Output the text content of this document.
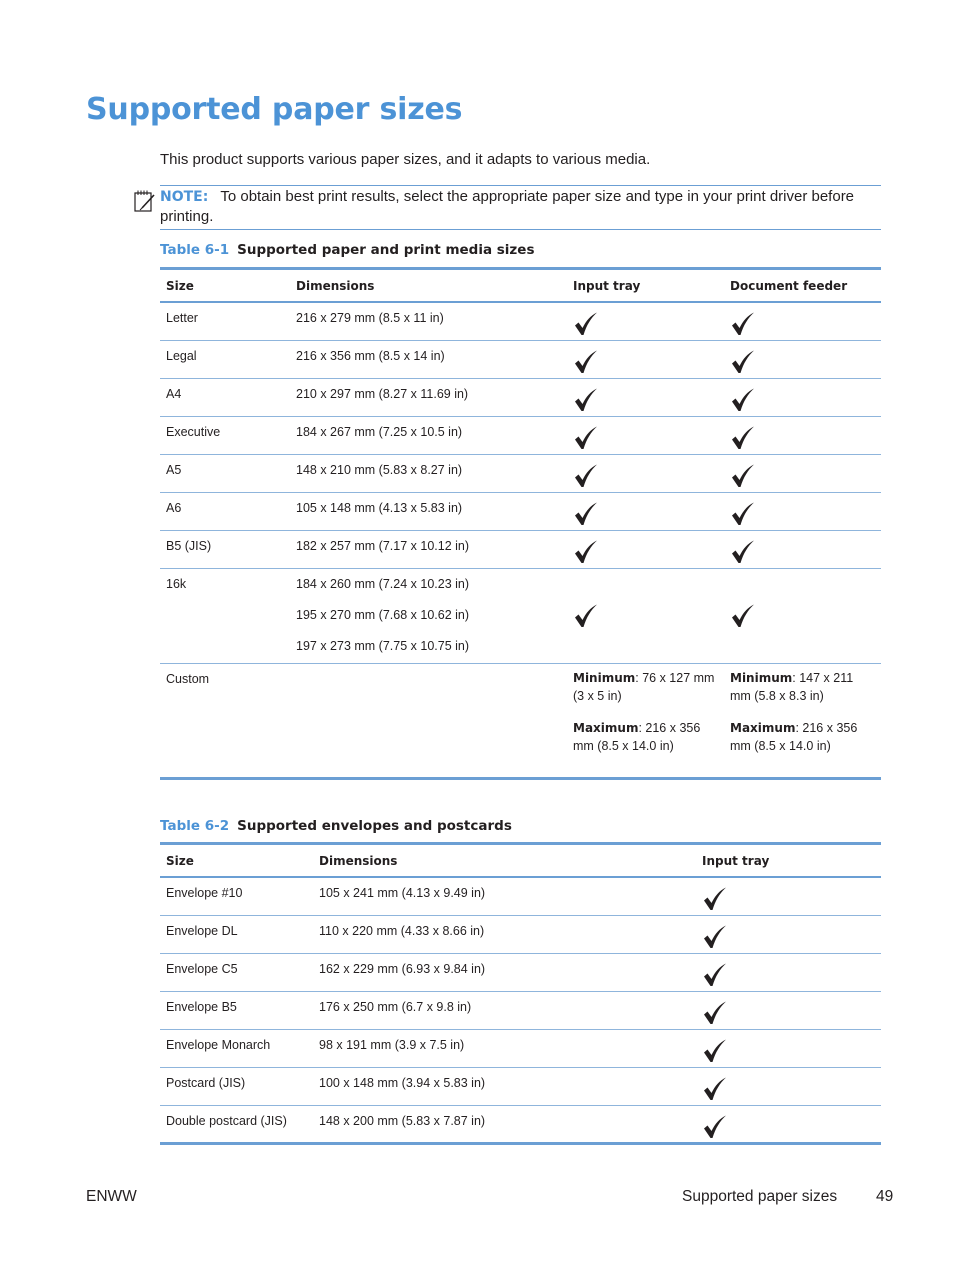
Supported paper sizes

This product supports various paper sizes, and it adapts to various media.

NOTE: To obtain best print results, select the appropriate paper size and type in your print driver before printing.
Table 6-1 Supported paper and print media sizes
Size	Dimensions	Input tray	Document feeder

Letter	216 x 279 mm (8.5 x 11 in)

Legal	216 x 356 mm (8.5 x 14 in)

A4	210 x 297 mm (8.27 x 11.69 in)

Executive	184 x 267 mm (7.25 x 10.5 in)

A5	148 x 210 mm (5.83 x 8.27 in)

A6	105 x 148 mm (4.13 x 5.83 in)

B5 (JIS)	182 x 257 mm (7.17 x 10.12 in)

16k	184 x 260 mm (7.24 x 10.23 in)
195 x 270 mm (7.68 x 10.62 in)
197 x 273 mm (7.75 x 10.75 in)

Custom		Minimum: 76 x 127 mm (3 x 5 in)
Maximum: 216 x 356 mm (8.5 x 14.0 in)	Minimum: 147 x 211 mm (5.8 x 8.3 in)
Maximum: 216 x 356 mm (8.5 x 14.0 in)
Table 6-2 Supported envelopes and postcards
Size	Dimensions	Input tray

Envelope #10	105 x 241 mm (4.13 x 9.49 in)

Envelope DL	110 x 220 mm (4.33 x 8.66 in)

Envelope C5	162 x 229 mm (6.93 x 9.84 in)

Envelope B5	176 x 250 mm (6.7 x 9.8 in)

Envelope Monarch	98 x 191 mm (3.9 x 7.5 in)

Postcard (JIS)	100 x 148 mm (3.94 x 5.83 in)

Double postcard (JIS)	148 x 200 mm (5.83 x 7.87 in)

ENWW	Supported paper sizes	49
